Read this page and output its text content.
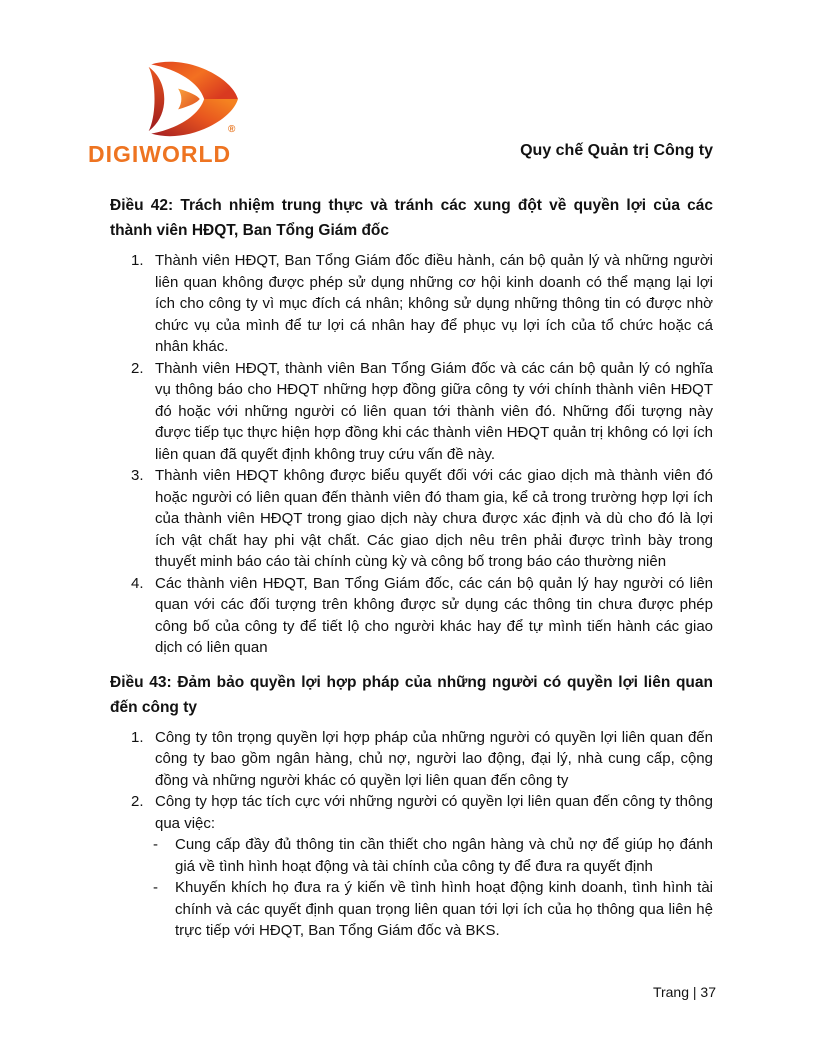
®
DIGIWORLD	Quy chế Quản trị Công ty
Điều 42: Trách nhiệm trung thực và tránh các xung đột về quyền lợi của các thành viên HĐQT, Ban Tổng Giám đốc
1. Thành viên HĐQT, Ban Tổng Giám đốc điều hành, cán bộ quản lý và những người liên quan không được phép sử dụng những cơ hội kinh doanh có thể mạng lại lợi ích cho công ty vì mục đích cá nhân; không sử dụng những thông tin có được nhờ chức vụ của mình để tư lợi cá nhân hay để phục vụ lợi ích của tổ chức hoặc cá nhân khác.
2. Thành viên HĐQT, thành viên Ban Tổng Giám đốc và các cán bộ quản lý có nghĩa vụ thông báo cho HĐQT những hợp đồng giữa công ty với chính thành viên HĐQT đó hoặc với những người có liên quan tới thành viên đó. Những đối tượng này được tiếp tục thực hiện hợp đồng khi các thành viên HĐQT quản trị không có lợi ích liên quan đã quyết định không truy cứu vấn đề này.
3. Thành viên HĐQT không được biểu quyết đối với các giao dịch mà thành viên đó hoặc người có liên quan đến thành viên đó tham gia, kể cả trong trường hợp lợi ích của thành viên HĐQT trong giao dịch này chưa được xác định và dù cho đó là lợi ích vật chất hay phi vật chất. Các giao dịch nêu trên phải được trình bày trong thuyết minh báo cáo tài chính cùng kỳ và công bố trong báo cáo thường niên
4. Các thành viên HĐQT, Ban Tổng Giám đốc, các cán bộ quản lý hay người có liên quan với các đối tượng trên không được sử dụng các thông tin chưa được phép công bố của công ty để tiết lộ cho người khác hay để tự mình tiến hành các giao dịch có liên quan
Điều 43: Đảm bảo quyền lợi hợp pháp của những người có quyền lợi liên quan đến công ty
1. Công ty tôn trọng quyền lợi hợp pháp của những người có quyền lợi liên quan đến công ty bao gồm ngân hàng, chủ nợ, người lao động, đại lý, nhà cung cấp, cộng đồng và những người khác có quyền lợi liên quan đến công ty
2. Công ty hợp tác tích cực với những người có quyền lợi liên quan đến công ty thông qua việc:
- Cung cấp đầy đủ thông tin cần thiết cho ngân hàng và chủ nợ để giúp họ đánh giá về tình hình hoạt động và tài chính của công ty để đưa ra quyết định
- Khuyến khích họ đưa ra ý kiến về tình hình hoạt động kinh doanh, tình hình tài chính và các quyết định quan trọng liên quan tới lợi ích của họ thông qua liên hệ trực tiếp với HĐQT, Ban Tổng Giám đốc và BKS.
Trang | 37
